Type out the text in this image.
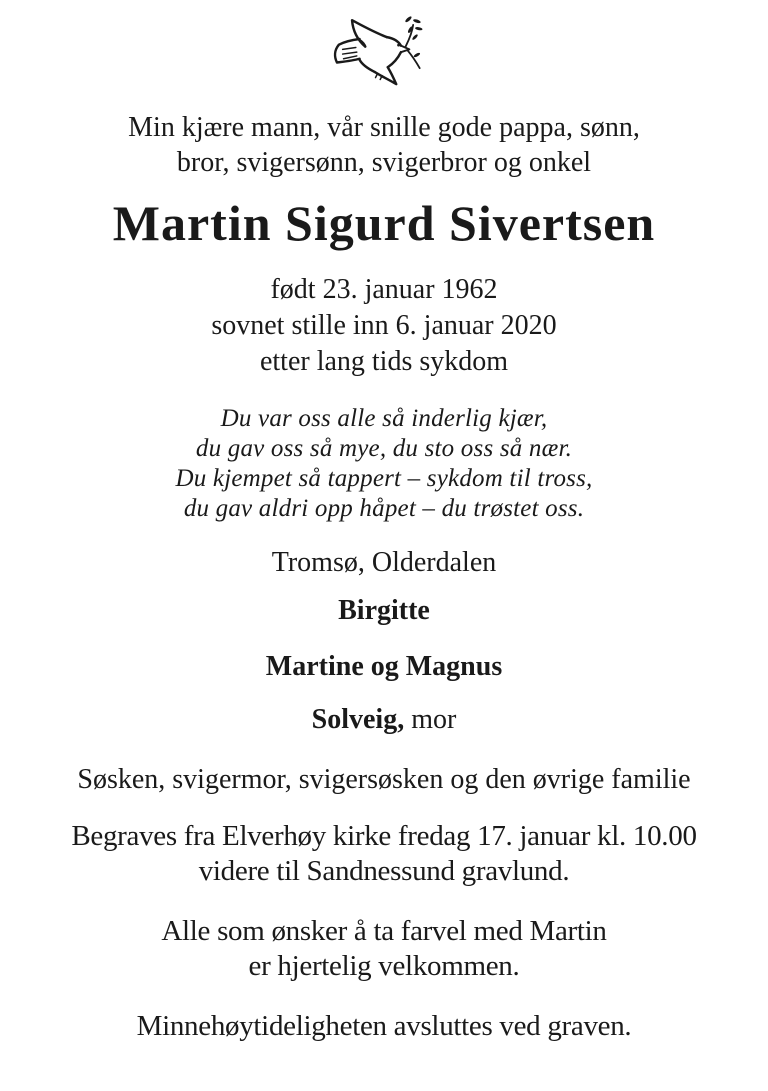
Min kjære mann, vår snille gode pappa, sønn,
bror, svigersønn, svigerbror og onkel

Martin Sigurd Sivertsen

født 23. januar 1962
sovnet stille inn 6. januar 2020
etter lang tids sykdom

Du var oss alle så inderlig kjær,
du gav oss så mye, du sto oss så nær.
Du kjempet så tappert – sykdom til tross,
du gav aldri opp håpet – du trøstet oss.

Tromsø, Olderdalen

Birgitte

Martine og Magnus

Solveig, mor

Søsken, svigermor, svigersøsken og den øvrige familie

Begraves fra Elverhøy kirke fredag 17. januar kl. 10.00
videre til Sandnessund gravlund.

Alle som ønsker å ta farvel med Martin
er hjertelig velkommen.

Minnehøytideligheten avsluttes ved graven.
